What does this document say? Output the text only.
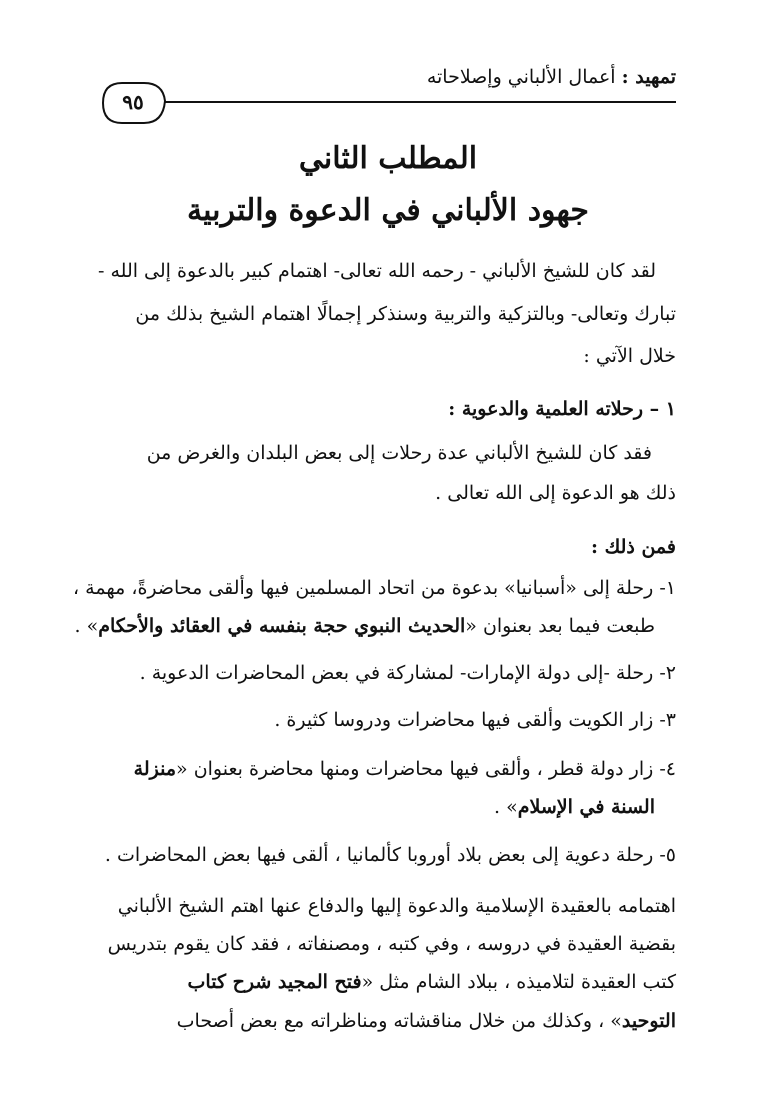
تمهيد : أعمال الألباني وإصلاحاته
٩٥
المطلب الثاني
جهود الألباني في الدعوة والتربية
لقد كان للشيخ الألباني - رحمه الله تعالى- اهتمام كبير بالدعوة إلى الله -
تبارك وتعالى- وبالتزكية والتربية وسنذكر إجمالًا اهتمام الشيخ بذلك من
خلال الآتي :
١ – رحلاته العلمية والدعوية :
فقد كان للشيخ الألباني عدة رحلات إلى بعض البلدان والغرض من
ذلك هو الدعوة إلى الله تعالى .
فمن ذلك :
١- رحلة إلى «أسبانيا» بدعوة من اتحاد المسلمين فيها وألقى محاضرةً، مهمة ،
طبعت فيما بعد بعنوان «الحديث النبوي حجة بنفسه في العقائد والأحكام» .
٢- رحلة -إلى دولة الإمارات- لمشاركة في بعض المحاضرات الدعوية .
٣- زار الكويت وألقى فيها محاضرات ودروسا كثيرة .
٤- زار دولة قطر ، وألقى فيها محاضرات ومنها محاضرة بعنوان «منزلة
السنة في الإسلام» .
٥- رحلة دعوية إلى بعض بلاد أوروبا كألمانيا ، ألقى فيها بعض المحاضرات .
اهتمامه بالعقيدة الإسلامية والدعوة إليها والدفاع عنها اهتم الشيخ الألباني
بقضية العقيدة في دروسه ، وفي كتبه ، ومصنفاته ، فقد كان يقوم بتدريس
كتب العقيدة لتلاميذه ، ببلاد الشام مثل «فتح المجيد شرح كتاب
التوحيد» ، وكذلك من خلال مناقشاته ومناظراته مع بعض أصحاب
